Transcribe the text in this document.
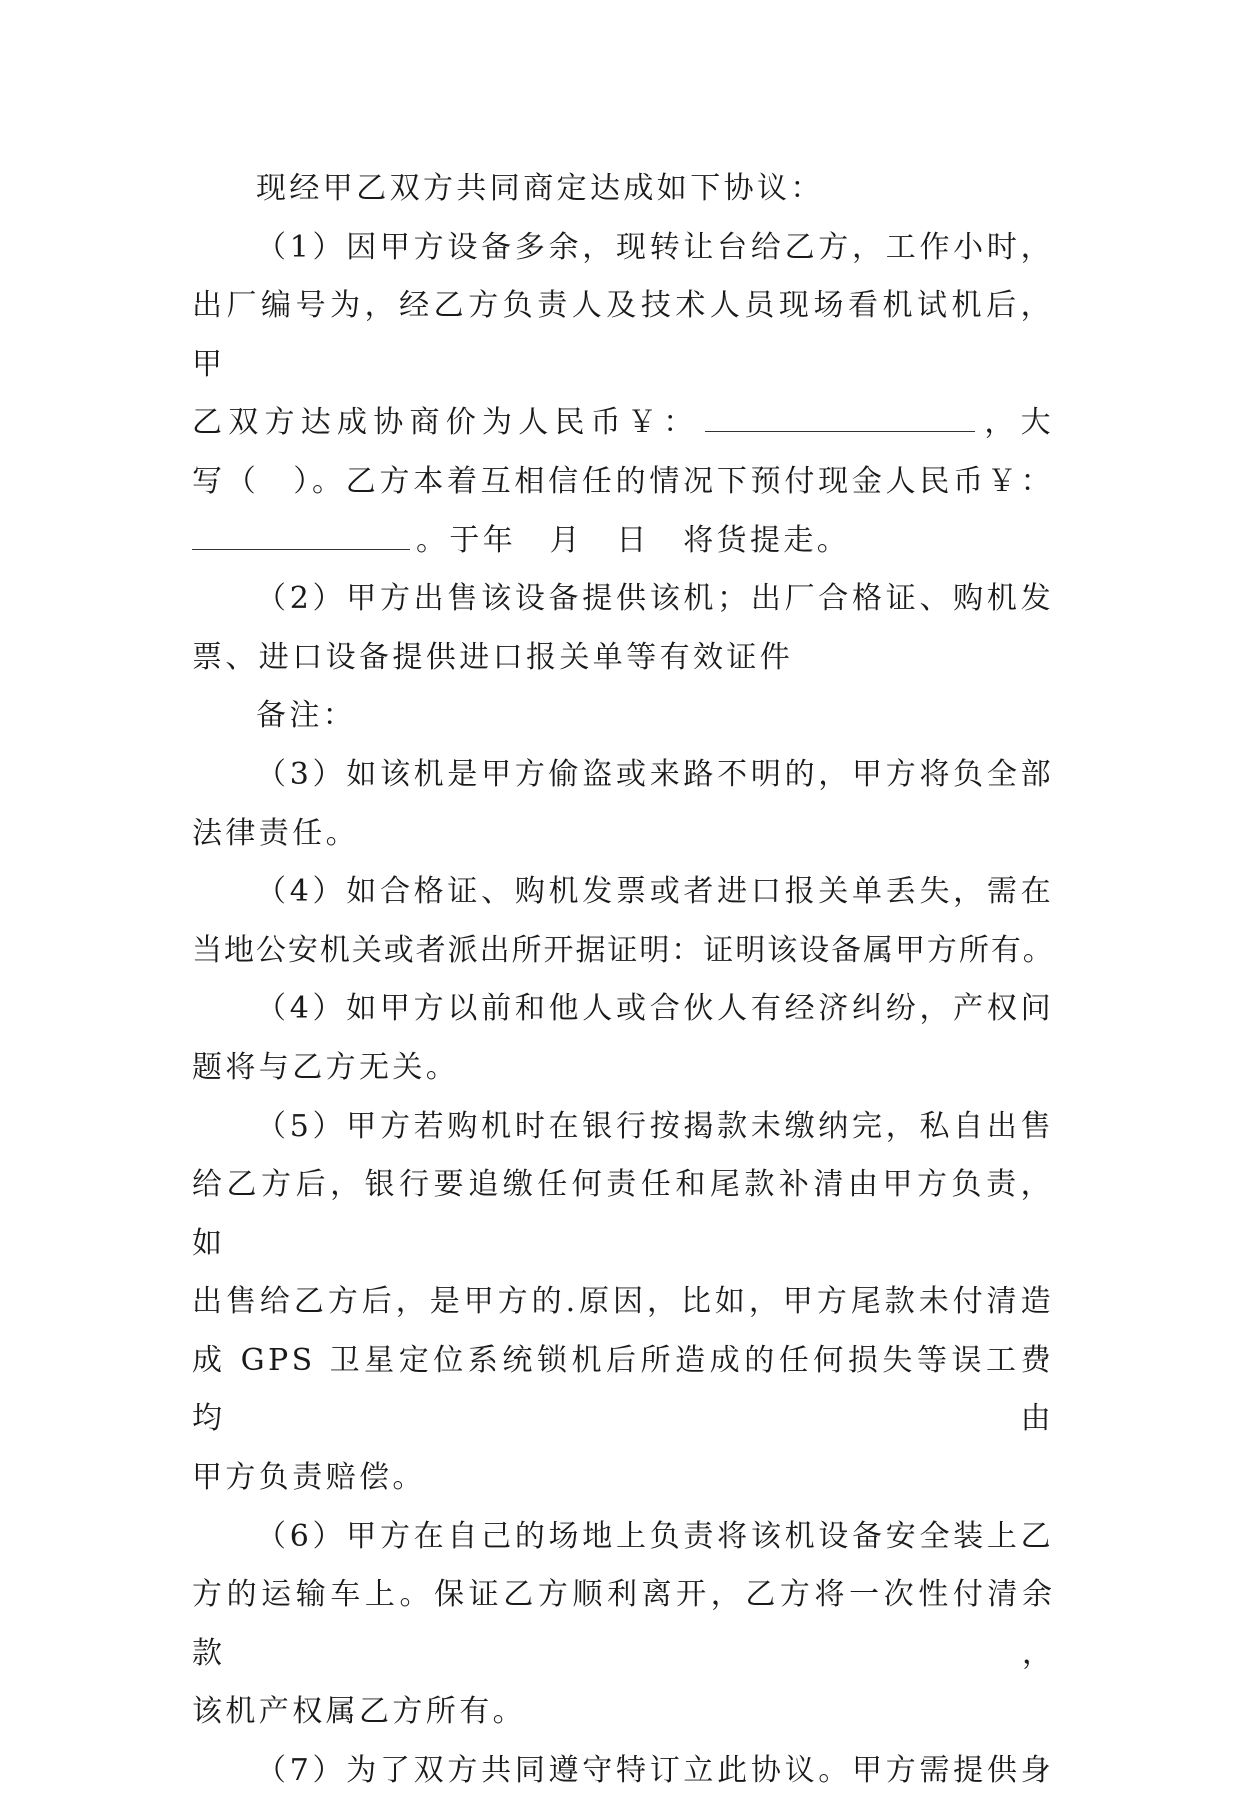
现经甲乙双方共同商定达成如下协议：

（1）因甲方设备多余，现转让台给乙方，工作小时，
出厂编号为，经乙方负责人及技术人员现场看机试机后，甲
乙双方达成协商价为人民币￥：	，大
写（　）。乙方本着互相信任的情况下预付现金人民币￥：
。于年　月　日　将货提走。

（2）甲方出售该设备提供该机；出厂合格证、购机发
票、进口设备提供进口报关单等有效证件

备注：

（3）如该机是甲方偷盗或来路不明的，甲方将负全部
法律责任。

（4）如合格证、购机发票或者进口报关单丢失，需在
当地公安机关或者派出所开据证明：证明该设备属甲方所有。

（4）如甲方以前和他人或合伙人有经济纠纷，产权问
题将与乙方无关。

（5）甲方若购机时在银行按揭款未缴纳完，私自出售
给乙方后，银行要追缴任何责任和尾款补清由甲方负责，如
出售给乙方后，是甲方的.原因，比如，甲方尾款未付清造
成 GPS 卫星定位系统锁机后所造成的任何损失等误工费均由
甲方负责赔偿。

（6）甲方在自己的场地上负责将该机设备安全装上乙
方的运输车上。保证乙方顺利离开，乙方将一次性付清余款，
该机产权属乙方所有。

（7）为了双方共同遵守特订立此协议。甲方需提供身
